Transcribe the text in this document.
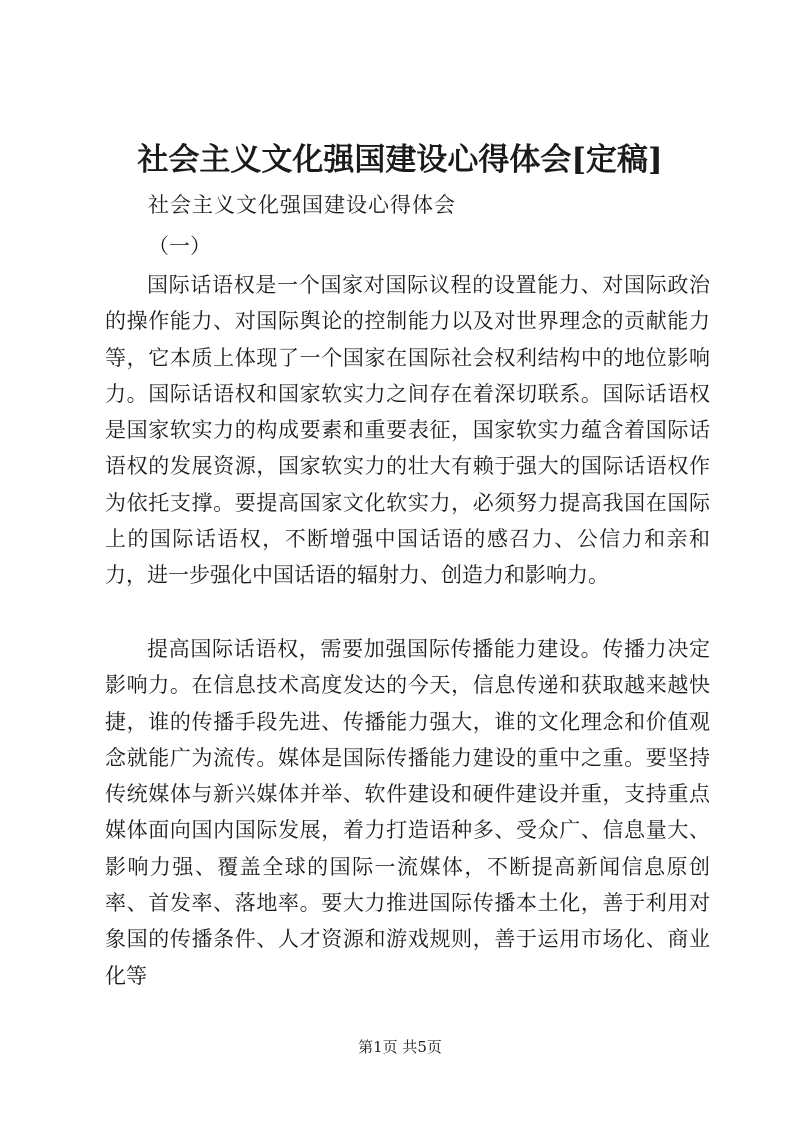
社会主义文化强国建设心得体会[定稿]

社会主义文化强国建设心得体会

（一）

国际话语权是一个国家对国际议程的设置能力、对国际政治的操作能力、对国际舆论的控制能力以及对世界理念的贡献能力等，它本质上体现了一个国家在国际社会权利结构中的地位影响力。国际话语权和国家软实力之间存在着深切联系。国际话语权是国家软实力的构成要素和重要表征，国家软实力蕴含着国际话语权的发展资源，国家软实力的壮大有赖于强大的国际话语权作为依托支撑。要提高国家文化软实力，必须努力提高我国在国际上的国际话语权，不断增强中国话语的感召力、公信力和亲和力，进一步强化中国话语的辐射力、创造力和影响力。

提高国际话语权，需要加强国际传播能力建设。传播力决定影响力。在信息技术高度发达的今天，信息传递和获取越来越快捷，谁的传播手段先进、传播能力强大，谁的文化理念和价值观念就能广为流传。媒体是国际传播能力建设的重中之重。要坚持传统媒体与新兴媒体并举、软件建设和硬件建设并重，支持重点媒体面向国内国际发展，着力打造语种多、受众广、信息量大、影响力强、覆盖全球的国际一流媒体，不断提高新闻信息原创率、首发率、落地率。要大力推进国际传播本土化，善于利用对象国的传播条件、人才资源和游戏规则，善于运用市场化、商业化等

第1页 共5页
